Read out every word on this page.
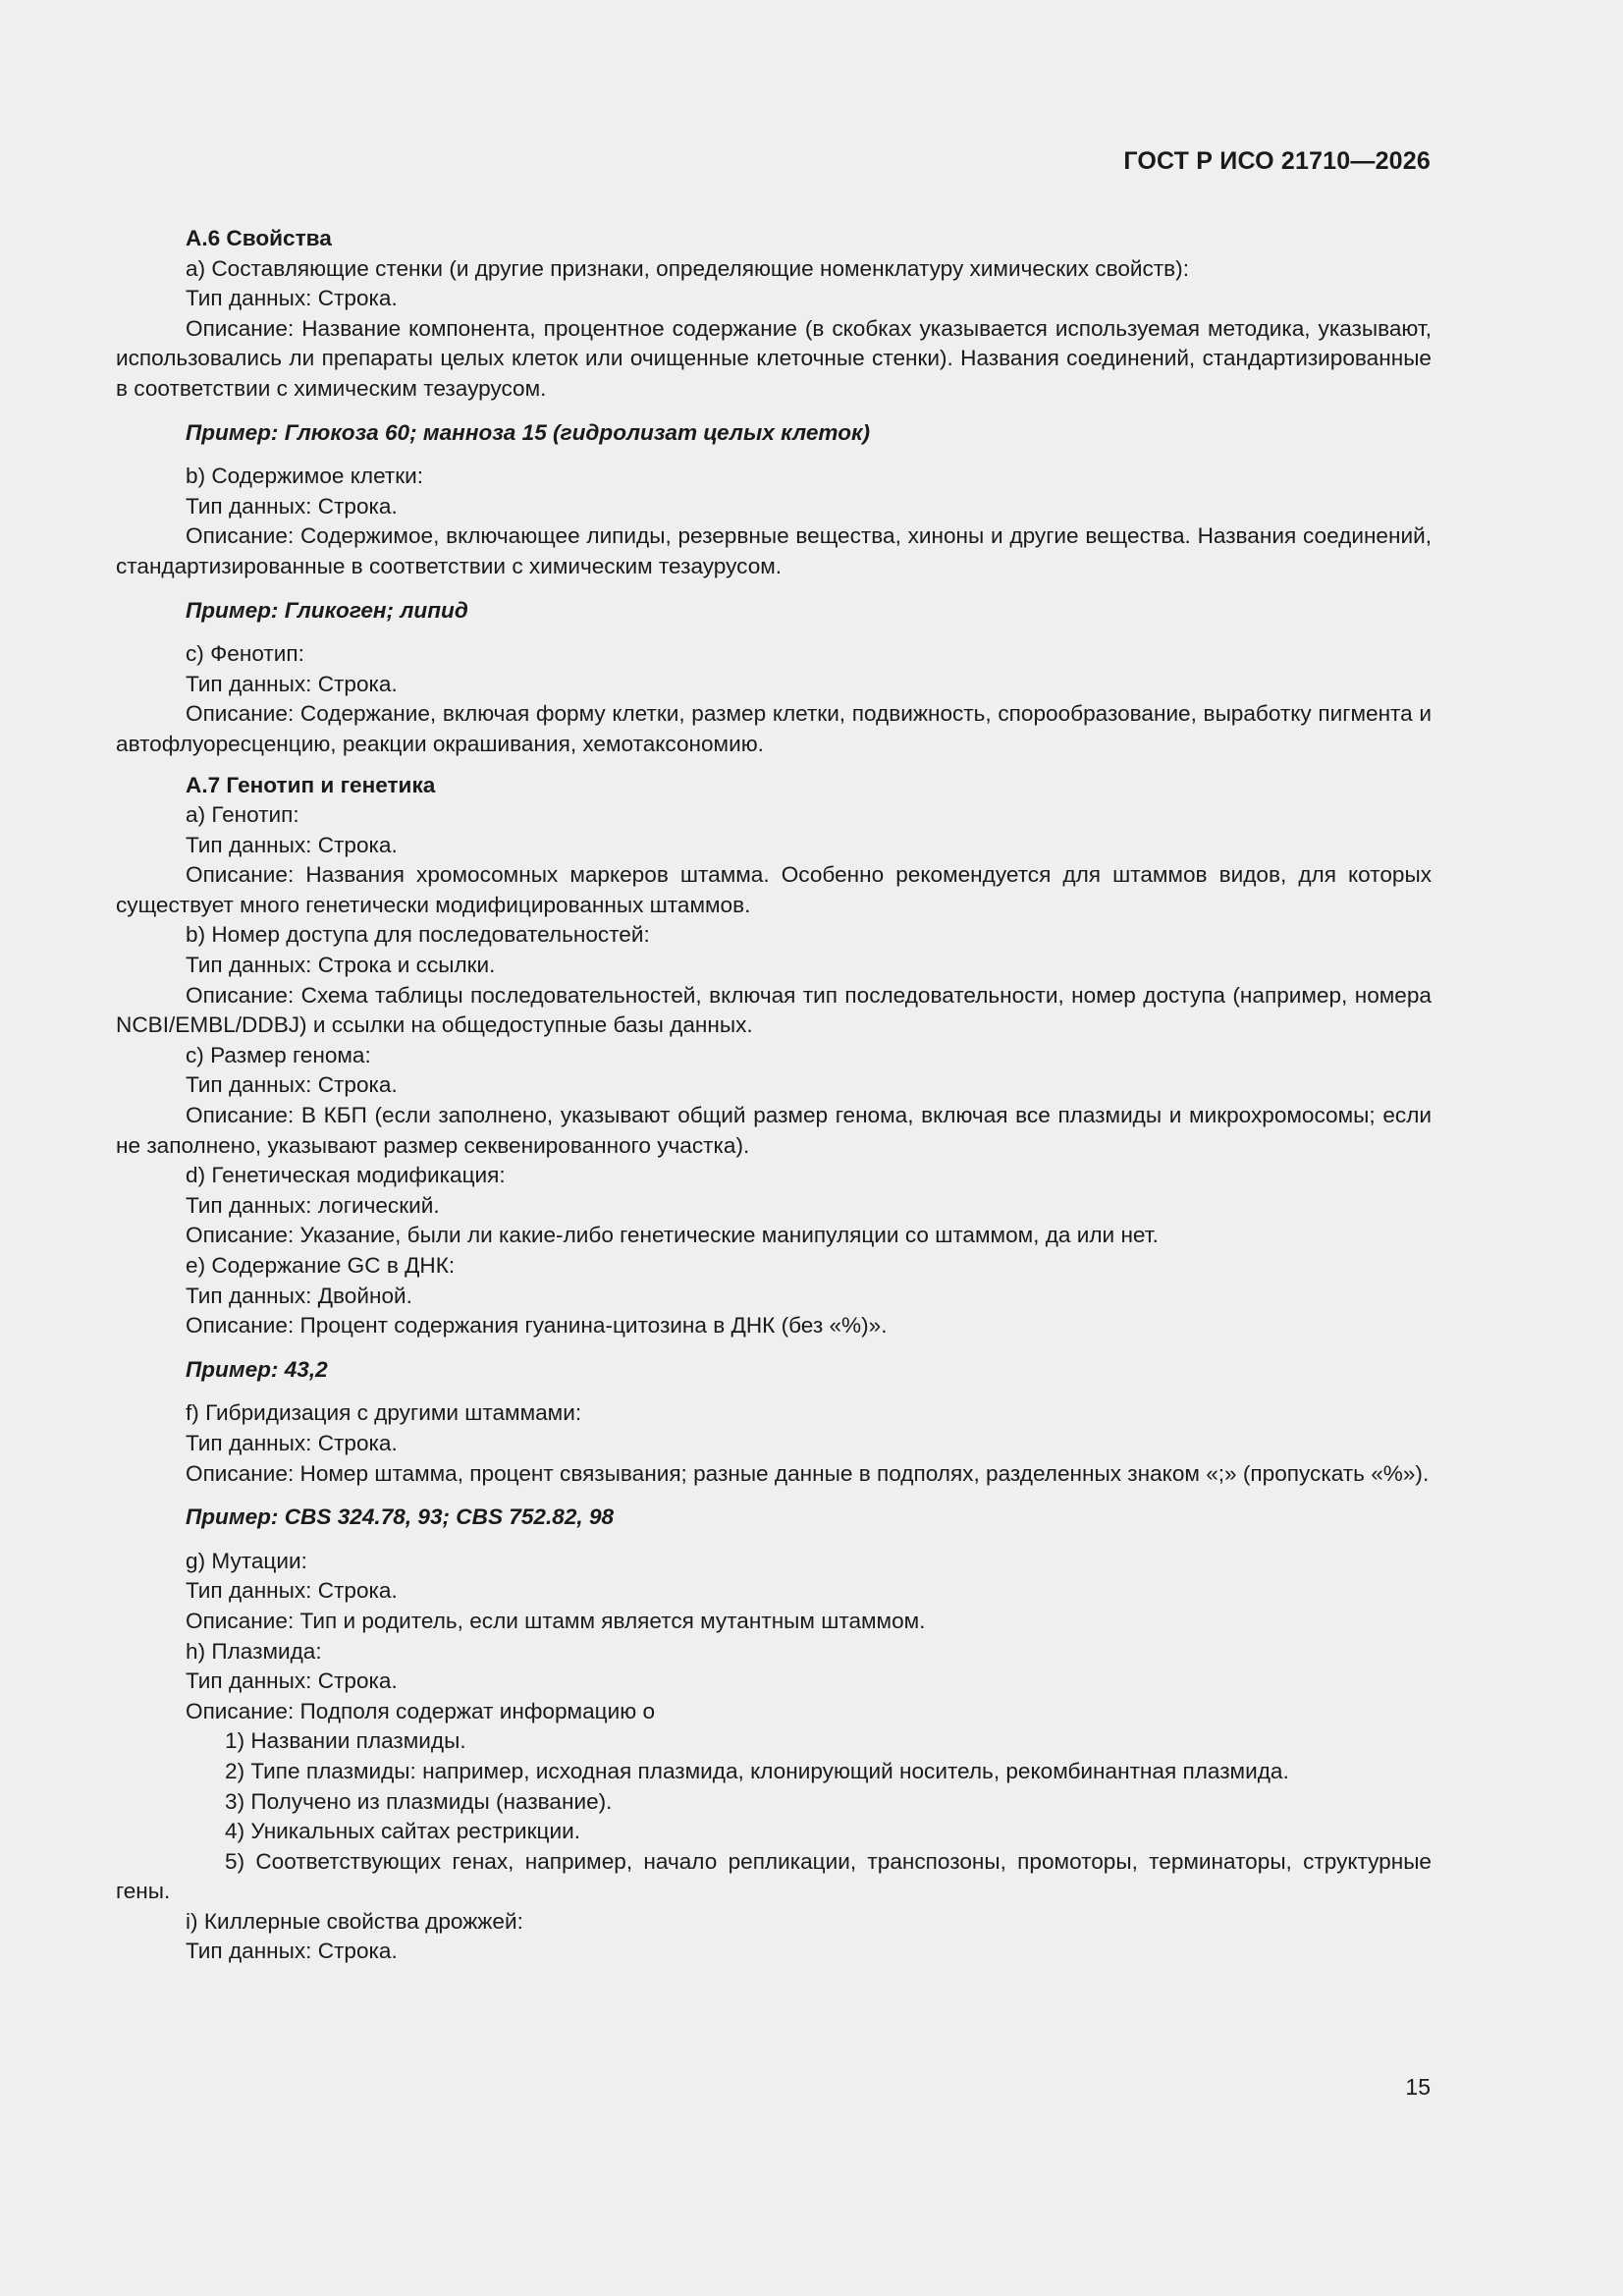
ГОСТ Р ИСО 21710—2026

А.6 Свойства

а) Составляющие стенки (и другие признаки, определяющие номенклатуру химических свойств):

Тип данных: Строка.

Описание: Название компонента, процентное содержание (в скобках указывается используемая методика, указывают, использовались ли препараты целых клеток или очищенные клеточные стенки). Названия соединений, стандартизированные в соответствии с химическим тезаурусом.

Пример: Глюкоза 60; манноза 15 (гидролизат целых клеток)

b) Содержимое клетки:

Тип данных: Строка.

Описание: Содержимое, включающее липиды, резервные вещества, хиноны и другие вещества. Названия соединений, стандартизированные в соответствии с химическим тезаурусом.

Пример: Гликоген; липид

с) Фенотип:

Тип данных: Строка.

Описание: Содержание, включая форму клетки, размер клетки, подвижность, спорообразование, выработку пигмента и автофлуоресценцию, реакции окрашивания, хемотаксономию.

А.7 Генотип и генетика

а) Генотип:

Тип данных: Строка.

Описание: Названия хромосомных маркеров штамма. Особенно рекомендуется для штаммов видов, для которых существует много генетически модифицированных штаммов.

b) Номер доступа для последовательностей:

Тип данных: Строка и ссылки.

Описание: Схема таблицы последовательностей, включая тип последовательности, номер доступа (например, номера NCBI/EMBL/DDBJ) и ссылки на общедоступные базы данных.

с) Размер генома:

Тип данных: Строка.

Описание: В КБП (если заполнено, указывают общий размер генома, включая все плазмиды и микрохромосомы; если не заполнено, указывают размер секвенированного участка).

d) Генетическая модификация:

Тип данных: логический.

Описание: Указание, были ли какие-либо генетические манипуляции со штаммом, да или нет.

е) Содержание GC в ДНК:

Тип данных: Двойной.

Описание: Процент содержания гуанина-цитозина в ДНК (без «%)».

Пример: 43,2

f) Гибридизация с другими штаммами:

Тип данных: Строка.

Описание: Номер штамма, процент связывания; разные данные в подполях, разделенных знаком «;» (пропускать «%»).

Пример: CBS 324.78, 93; CBS 752.82, 98

g) Мутации:

Тип данных: Строка.

Описание: Тип и родитель, если штамм является мутантным штаммом.

h) Плазмида:

Тип данных: Строка.

Описание: Подполя содержат информацию о

1) Названии плазмиды.

2) Типе плазмиды: например, исходная плазмида, клонирующий носитель, рекомбинантная плазмида.

3) Получено из плазмиды (название).

4) Уникальных сайтах рестрикции.

5) Соответствующих генах, например, начало репликации, транспозоны, промоторы, терминаторы, структурные гены.

i) Киллерные свойства дрожжей:

Тип данных: Строка.

15
